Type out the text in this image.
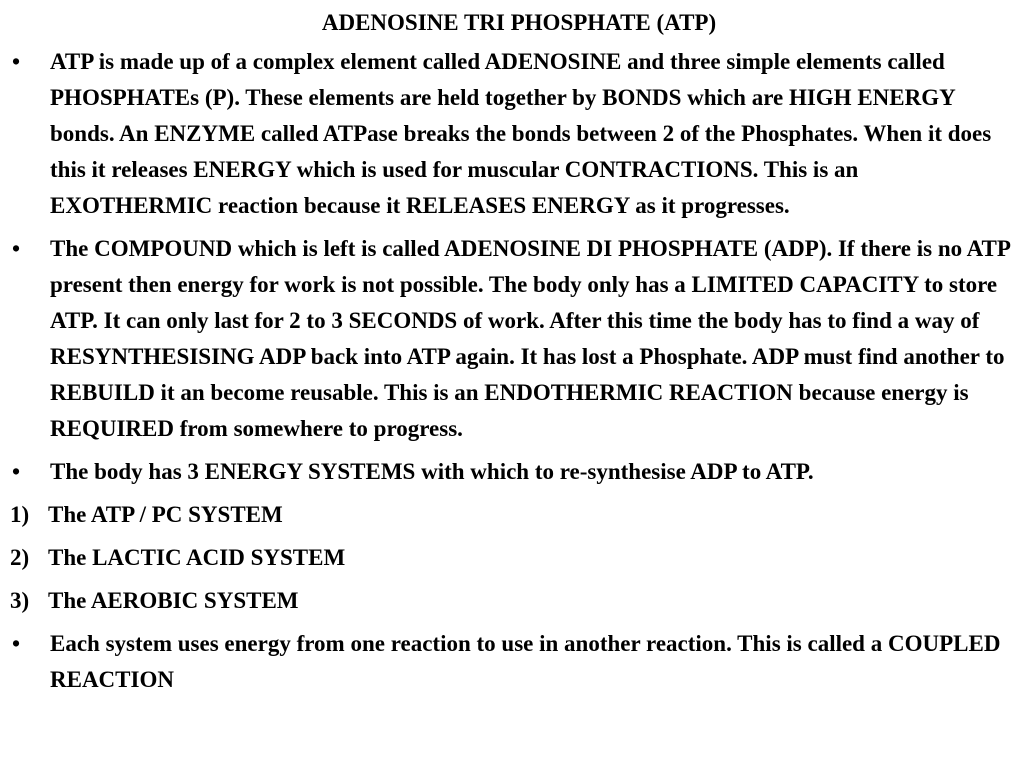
ADENOSINE TRI PHOSPHATE (ATP)
•	ATP is made up of a complex element called ADENOSINE and three simple elements called PHOSPHATEs (P). These elements are held together by BONDS which are HIGH ENERGY bonds. An ENZYME called ATPase breaks the bonds between 2 of the Phosphates. When it does this it releases ENERGY which is used for muscular CONTRACTIONS. This is an EXOTHERMIC reaction because it RELEASES ENERGY as it progresses.
•	The COMPOUND which is left is called ADENOSINE DI PHOSPHATE (ADP). If there is no ATP present then energy for work is not possible. The body only has a LIMITED CAPACITY to store ATP. It can only last for 2 to 3 SECONDS of work. After this time the body has to find a way of RESYNTHESISING ADP back into ATP again. It has lost a Phosphate. ADP must find another to REBUILD it an become reusable. This is an ENDOTHERMIC REACTION because energy is REQUIRED from somewhere to progress.
•	The body has 3 ENERGY SYSTEMS with which to re-synthesise ADP to ATP.
1) The ATP / PC SYSTEM
2) The LACTIC ACID SYSTEM
3) The AEROBIC SYSTEM
•	Each system uses energy from one reaction to use in another reaction. This is called a COUPLED REACTION
